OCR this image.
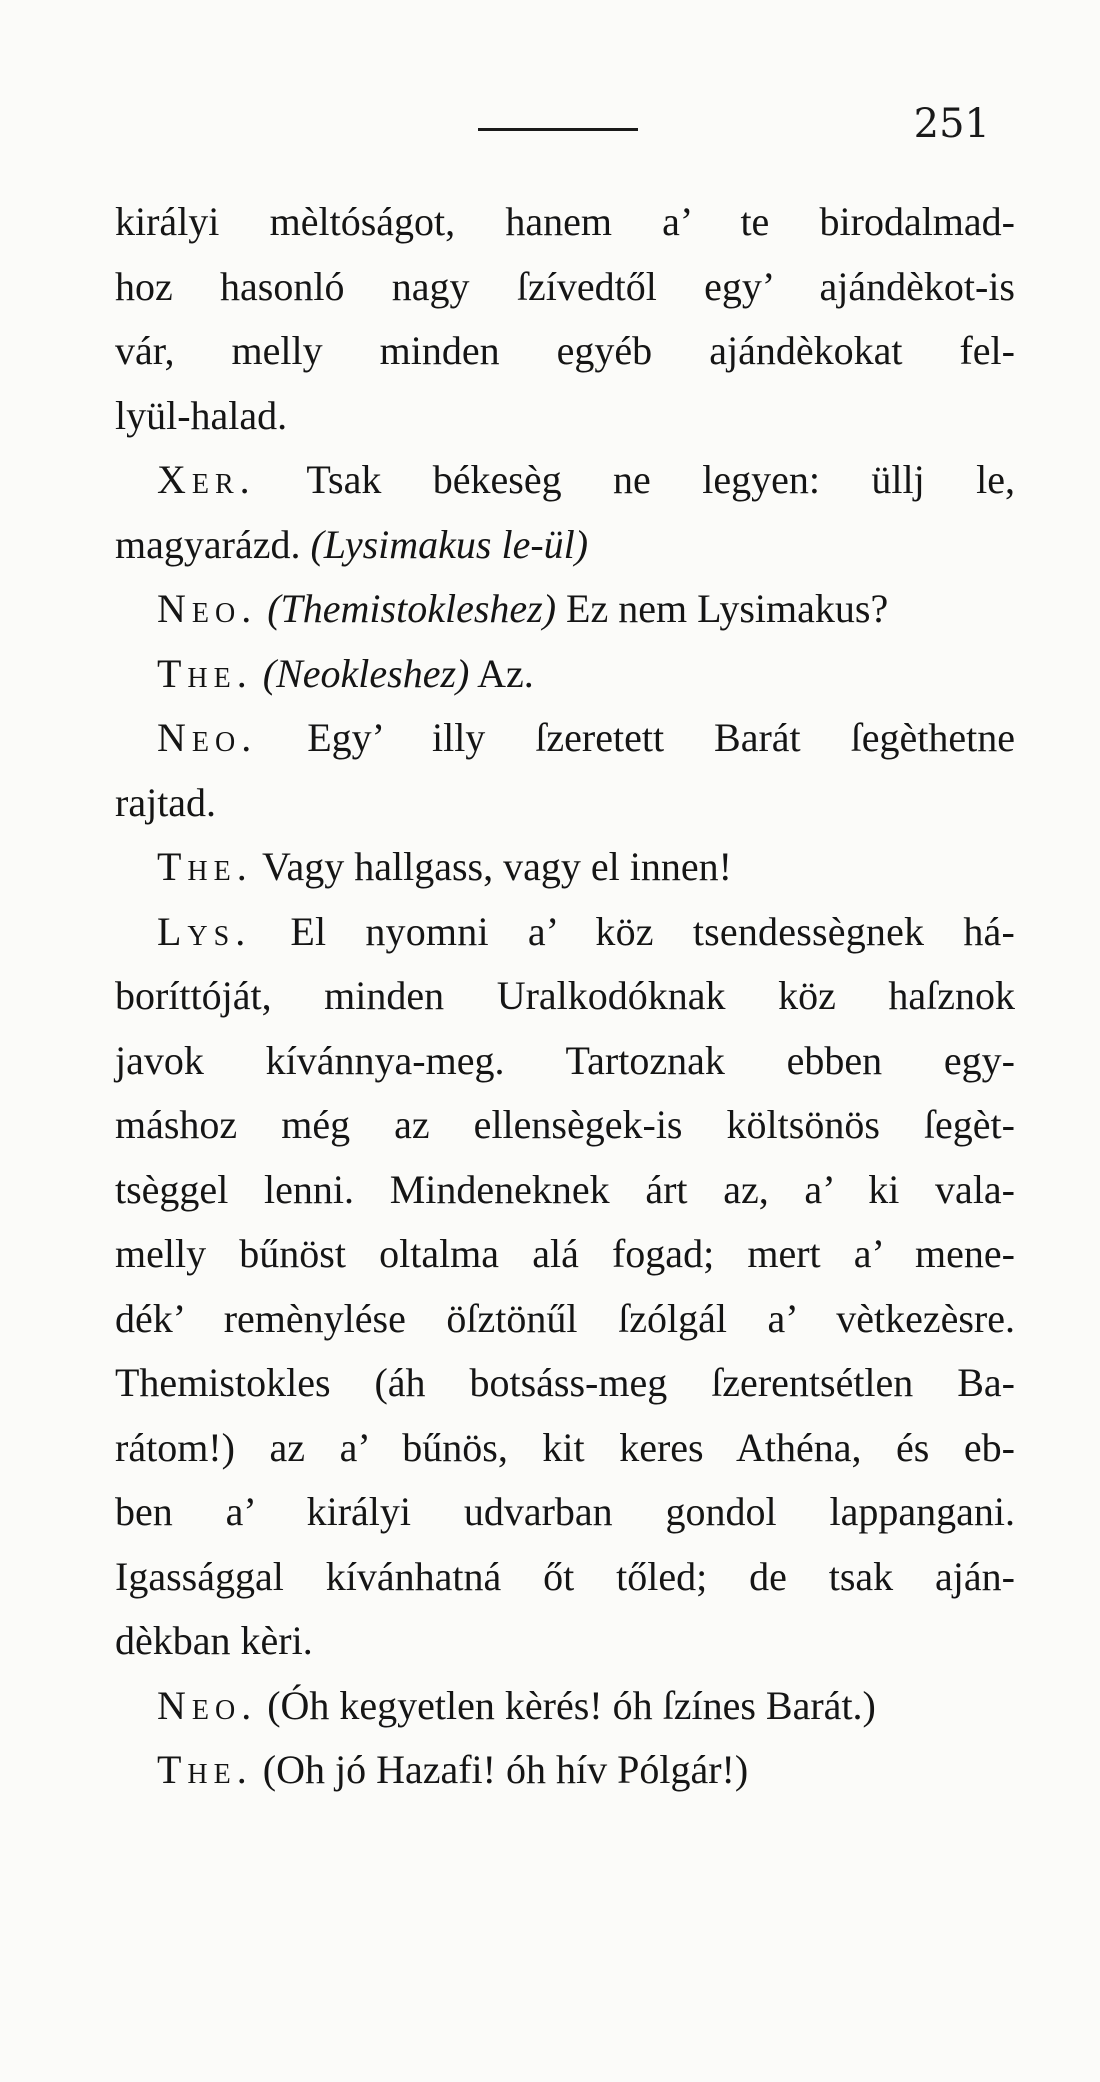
251
királyi mèltóságot, hanem a’ te birodalmad-
hoz hasonló nagy ſzívedtől egy’ ajándèkot-is
vár, melly minden egyéb ajándèkokat fel-
lyül-halad.
Xer. Tsak békesèg ne legyen: üllj le,
magyarázd. (Lysimakus le-ül)
Neo. (Themistokleshez) Ez nem Lysimakus?
The. (Neokleshez) Az.
Neo. Egy’ illy ſzeretett Barát ſegèthetne
rajtad.
The. Vagy hallgass, vagy el innen!
Lys. El nyomni a’ köz tsendessègnek há-
boríttóját, minden Uralkodóknak köz haſznok
javok kívánnya-meg. Tartoznak ebben egy-
máshoz még az ellensègek-is költsönös ſegèt-
tsèggel lenni. Mindeneknek árt az, a’ ki vala-
melly bűnöst oltalma alá fogad; mert a’ mene-
dék’ remènylése öſztönűl ſzólgál a’ vètkezèsre.
Themistokles (áh botsáss-meg ſzerentsétlen Ba-
rátom!) az a’ bűnös, kit keres Athéna, és eb-
ben a’ királyi udvarban gondol lappangani.
Igassággal kívánhatná őt tőled; de tsak aján-
dèkban kèri.
Neo. (Óh kegyetlen kèrés! óh ſzínes Barát.)
The. (Oh jó Hazafi! óh hív Pólgár!)
